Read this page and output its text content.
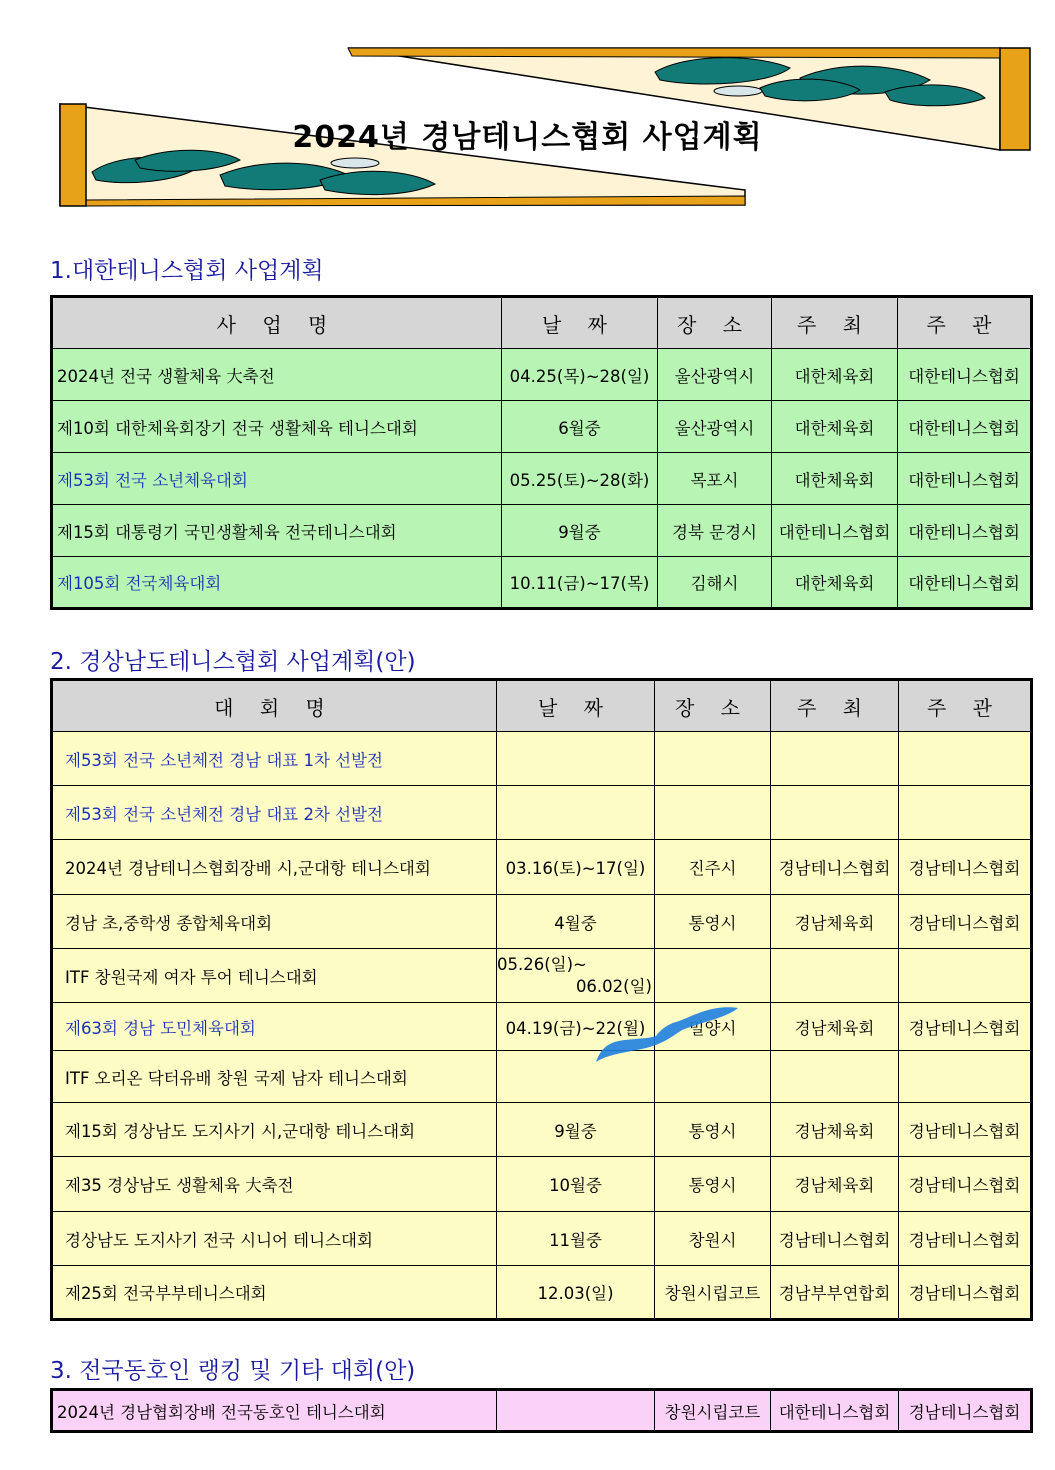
2024년 경남테니스협회 사업계획
1.대한테니스협회 사업계획
사 업 명	날 짜	장 소	주 최	주 관
2024년 전국 생활체육 大축전	04.25(목)~28(일)	울산광역시	대한체육회	대한테니스협회
제10회 대한체육회장기 전국 생활체육 테니스대회	6월중	울산광역시	대한체육회	대한테니스협회
제53회 전국 소년체육대회	05.25(토)~28(화)	목포시	대한체육회	대한테니스협회
제15회 대통령기 국민생활체육 전국테니스대회	9월중	경북 문경시	대한테니스협회	대한테니스협회
제105회 전국체육대회	10.11(금)~17(목)	김해시	대한체육회	대한테니스협회
2. 경상남도테니스협회 사업계획(안)
대 회 명	날 짜	장 소	주 최	주 관
제53회 전국 소년체전 경남 대표 1차 선발전				
제53회 전국 소년체전 경남 대표 2차 선발전				
2024년 경남테니스협회장배 시,군대항 테니스대회	03.16(토)~17(일)	진주시	경남테니스협회	경남테니스협회
경남 초,중학생 종합체육대회	4월중	통영시	경남체육회	경남테니스협회
ITF 창원국제 여자 투어 테니스대회	05.26(일)~
06.02(일)			

제63회 경남 도민체육대회	04.19(금)~22(월)	밀양시	경남체육회	경남테니스협회
ITF 오리온 닥터유배 창원 국제 남자 테니스대회				
제15회 경상남도 도지사기 시,군대항 테니스대회	9월중	통영시	경남체육회	경남테니스협회
제35 경상남도 생활체육 大축전	10월중	통영시	경남체육회	경남테니스협회
경상남도 도지사기 전국 시니어 테니스대회	11월중	창원시	경남테니스협회	경남테니스협회
제25회 전국부부테니스대회	12.03(일)	창원시립코트	경남부부연합회	경남테니스협회
3. 전국동호인 랭킹 및 기타 대회(안)
2024년 경남협회장배 전국동호인 테니스대회		창원시립코트	대한테니스협회	경남테니스협회
